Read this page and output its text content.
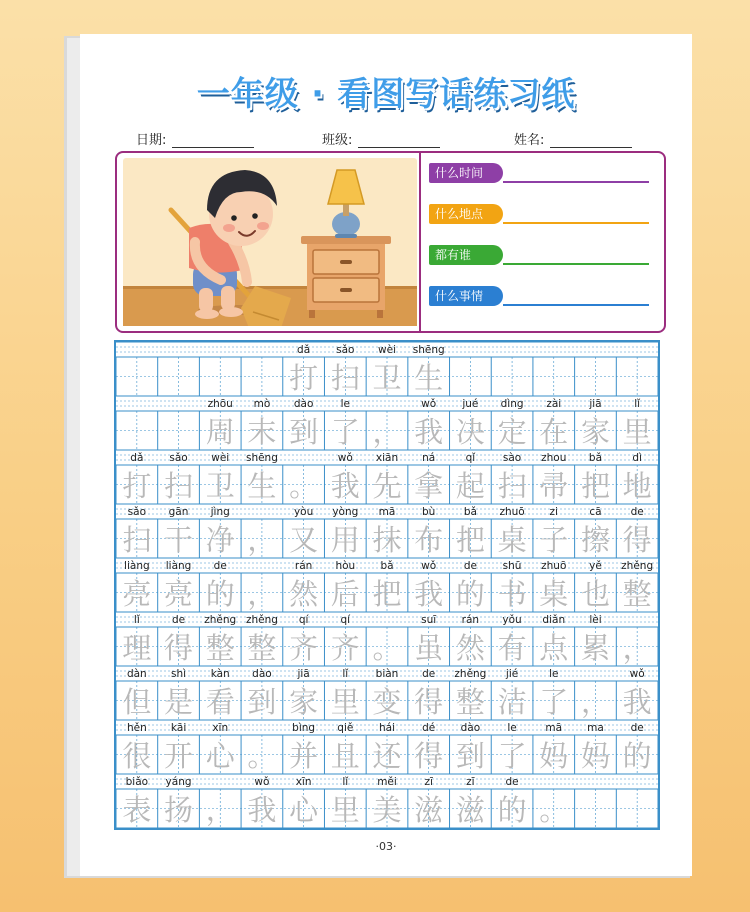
一年级 · 看图写话练习纸
日期:	班级:	姓名:
什么时间
什么地点
都有谁
什么事情
dǎ
打
sǎo
扫
wèi
卫
shēng
生
zhōu
周
mò
末
dào
到
le
了 ，
wǒ
我
jué
决
dìng
定
zài
在
jiā
家
lǐ
里
dǎ
打
sǎo
扫
wèi
卫
shēng
生 。
wǒ
我
xiān
先
ná
拿
qǐ
起
sào
扫
zhou
帚
bǎ
把
dì
地
sǎo
扫
gān
干
jìng
净 ，
yòu
又
yòng
用
mā
抹
bù
布
bǎ
把
zhuō
桌
zi
子
cā
擦
de
得
liàng
亮
liàng
亮
de
的 ，
rán
然
hòu
后
bǎ
把
wǒ
我
de
的
shū
书
zhuō
桌
yě
也
zhěng
整
lǐ
理
de
得
zhěng
整
zhěng
整
qí
齐
qí
齐 。
suī
虽
rán
然
yǒu
有
diǎn
点
lèi
累 ，
dàn
但
shì
是
kàn
看
dào
到
jiā
家
lǐ
里
biàn
变
de
得
zhěng
整
jié
洁
le
了 ，
wǒ
我
hěn
很
kāi
开
xīn
心 。
bìng
并
qiě
且
hái
还
dé
得
dào
到
le
了
mā
妈
ma
妈
de
的
biǎo
表
yáng
扬 ，
wǒ
我
xīn
心
lǐ
里
měi
美
zī
滋
zī
滋
de
的 。
·03·
